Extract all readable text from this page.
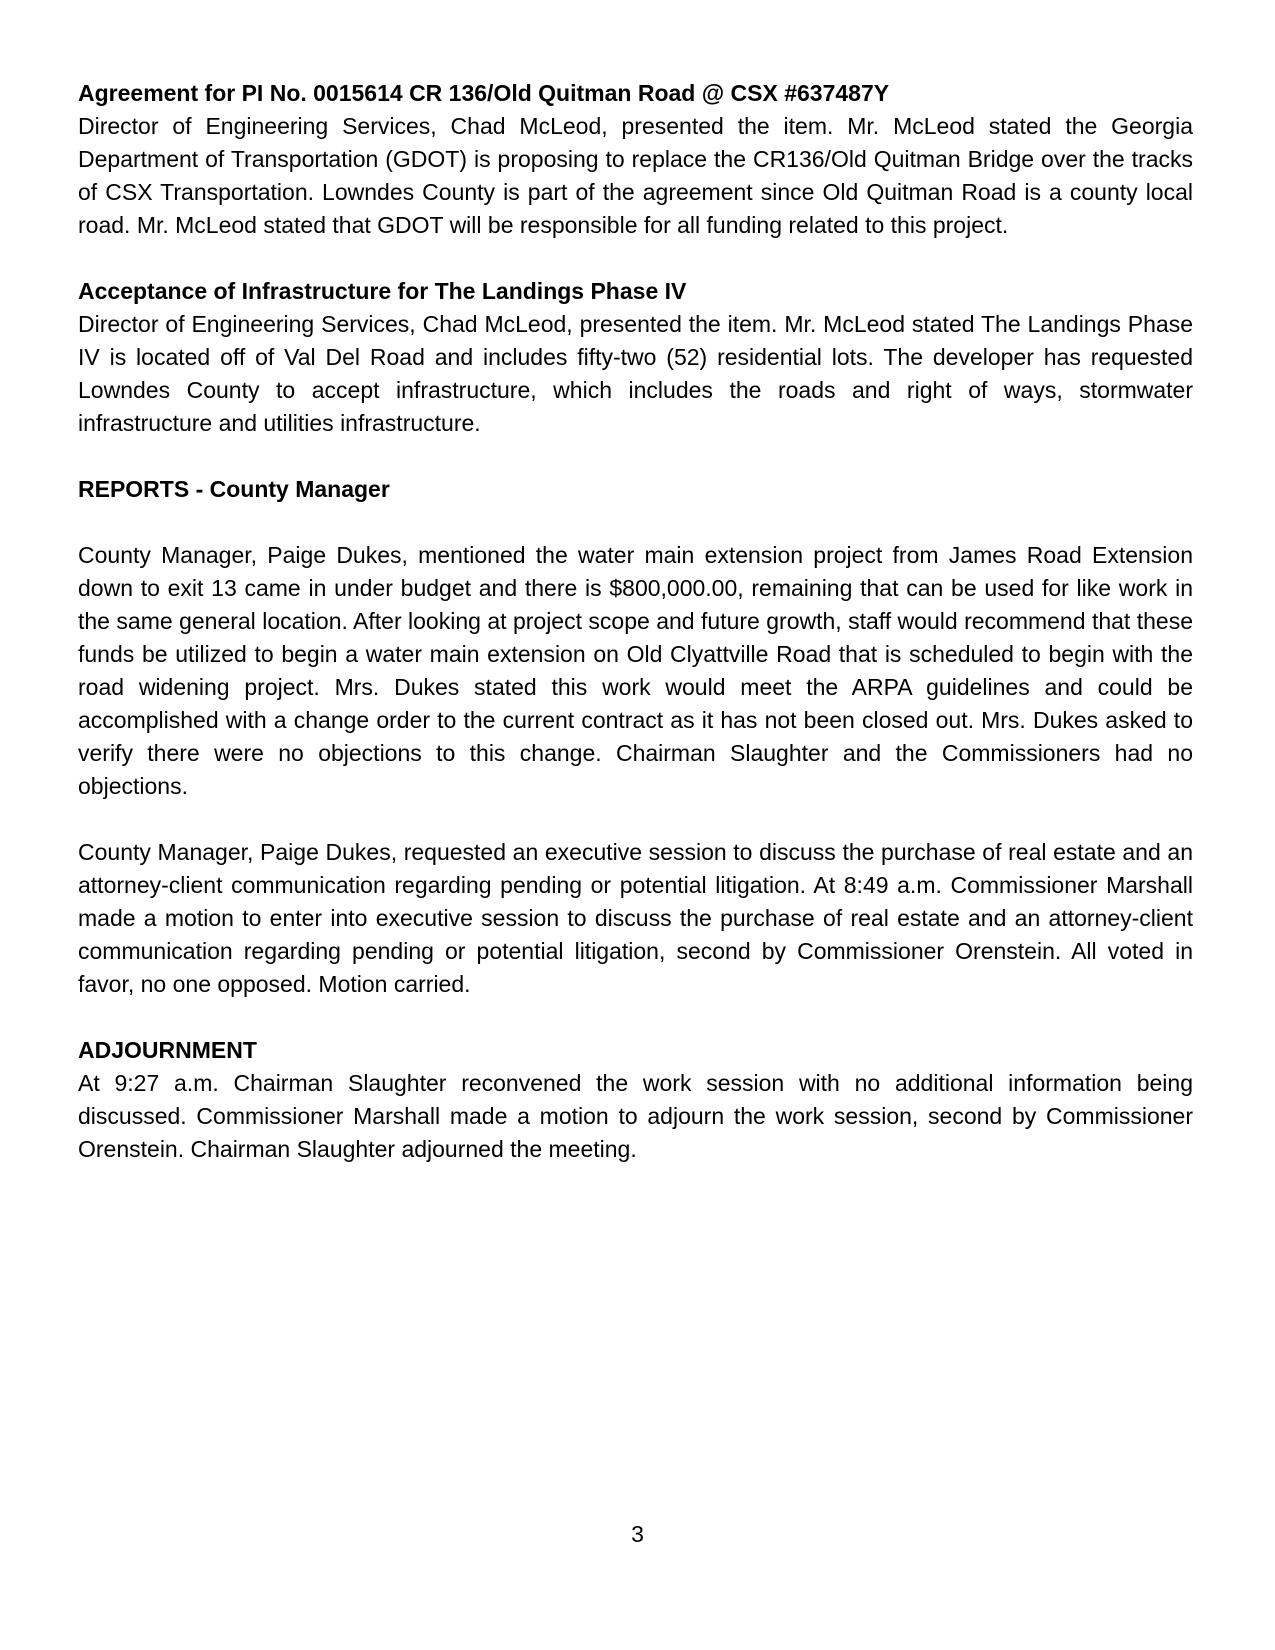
Agreement for PI No. 0015614 CR 136/Old Quitman Road @ CSX #637487Y

Director of Engineering Services, Chad McLeod, presented the item. Mr. McLeod stated the Georgia Department of Transportation (GDOT) is proposing to replace the CR136/Old Quitman Bridge over the tracks of CSX Transportation. Lowndes County is part of the agreement since Old Quitman Road is a county local road. Mr. McLeod stated that GDOT will be responsible for all funding related to this project.

Acceptance of Infrastructure for The Landings Phase IV

Director of Engineering Services, Chad McLeod, presented the item. Mr. McLeod stated The Landings Phase IV is located off of Val Del Road and includes fifty-two (52) residential lots. The developer has requested Lowndes County to accept infrastructure, which includes the roads and right of ways, stormwater infrastructure and utilities infrastructure.

REPORTS - County Manager

County Manager, Paige Dukes, mentioned the water main extension project from James Road Extension down to exit 13 came in under budget and there is $800,000.00, remaining that can be used for like work in the same general location. After looking at project scope and future growth, staff would recommend that these funds be utilized to begin a water main extension on Old Clyattville Road that is scheduled to begin with the road widening project. Mrs. Dukes stated this work would meet the ARPA guidelines and could be accomplished with a change order to the current contract as it has not been closed out. Mrs. Dukes asked to verify there were no objections to this change. Chairman Slaughter and the Commissioners had no objections.

County Manager, Paige Dukes, requested an executive session to discuss the purchase of real estate and an attorney-client communication regarding pending or potential litigation. At 8:49 a.m. Commissioner Marshall made a motion to enter into executive session to discuss the purchase of real estate and an attorney-client communication regarding pending or potential litigation, second by Commissioner Orenstein. All voted in favor, no one opposed. Motion carried.

ADJOURNMENT

At 9:27 a.m. Chairman Slaughter reconvened the work session with no additional information being discussed. Commissioner Marshall made a motion to adjourn the work session, second by Commissioner Orenstein. Chairman Slaughter adjourned the meeting.

3
